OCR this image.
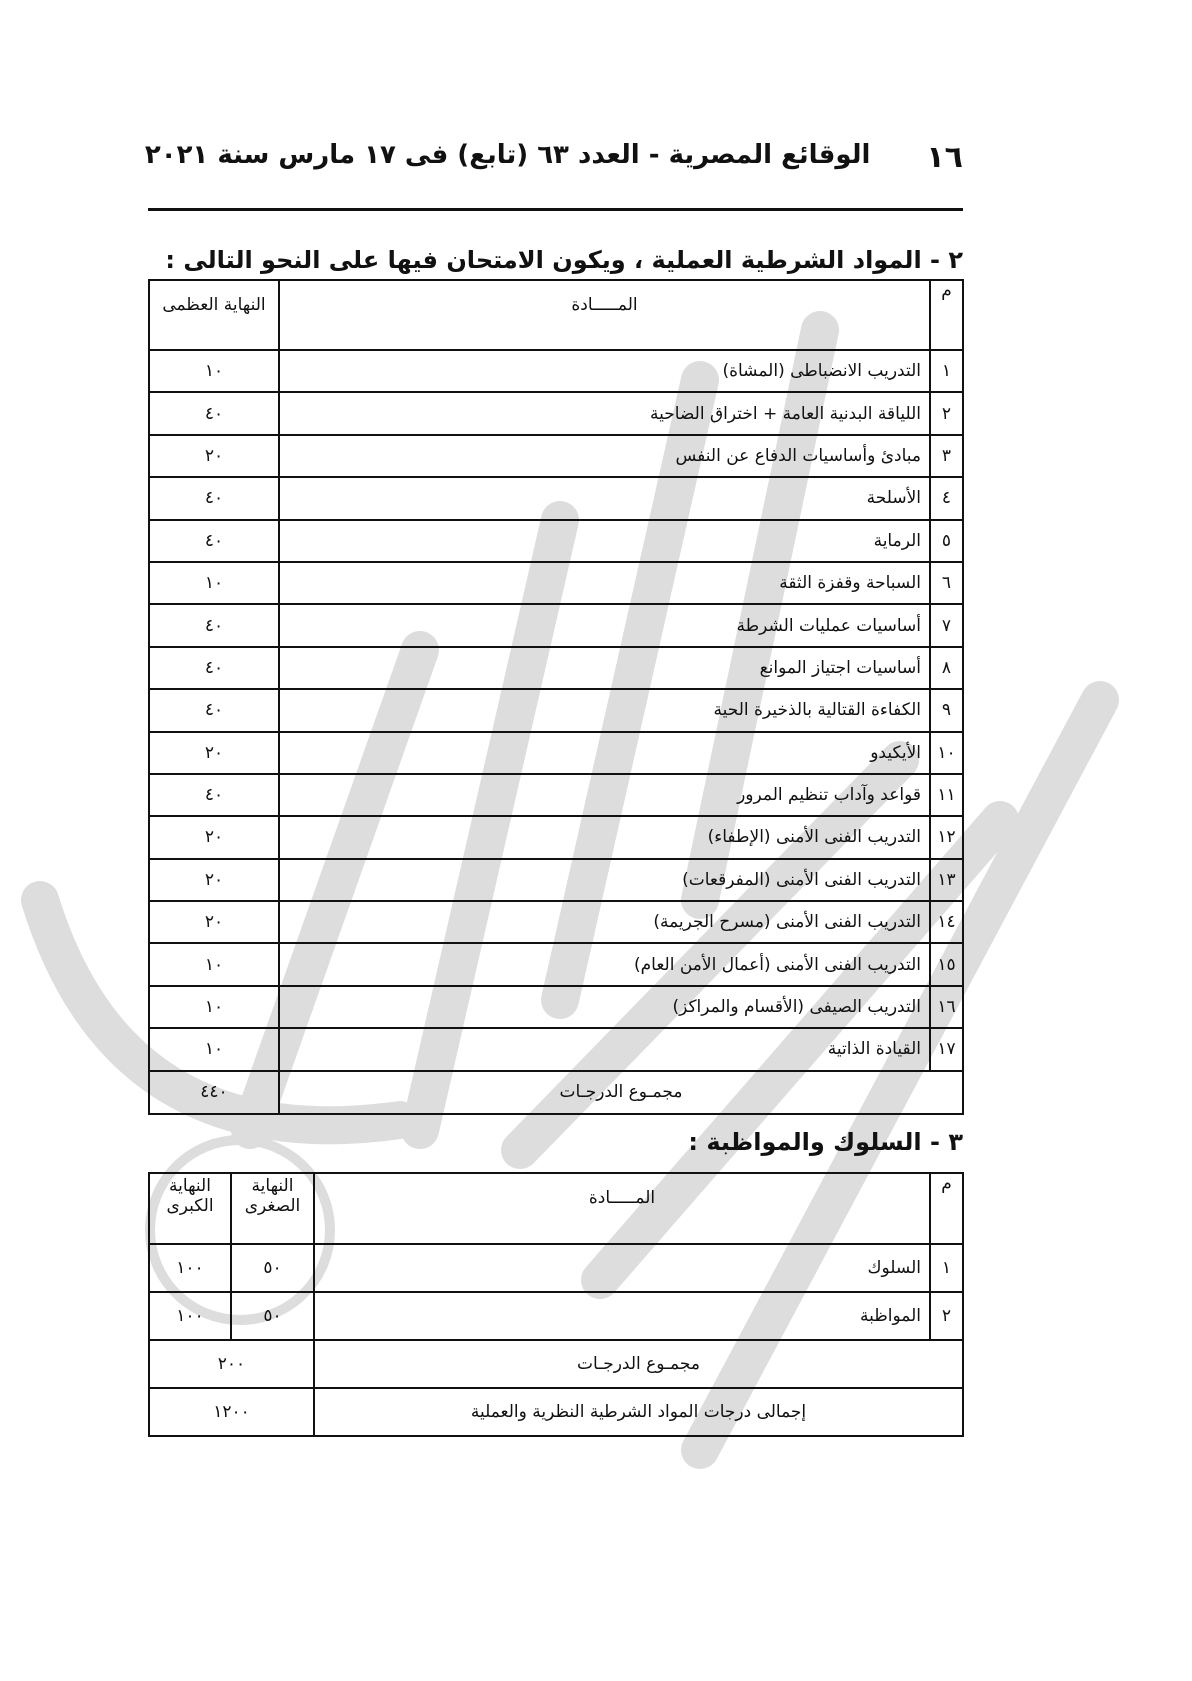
١٦
الوقائع المصرية - العدد ٦٣ (تابع) فى ١٧ مارس سنة ٢٠٢١
٢ - المواد الشرطية العملية ، ويكون الامتحان فيها على النحو التالى :
م	المـــــادة	النهاية العظمى
١	التدريب الانضباطى (المشاة)	١٠
٢	اللياقة البدنية العامة + اختراق الضاحية	٤٠
٣	مبادئ وأساسيات الدفاع عن النفس	٢٠
٤	الأسلحة	٤٠
٥	الرماية	٤٠
٦	السباحة وقفزة الثقة	١٠
٧	أساسيات عمليات الشرطة	٤٠
٨	أساسيات اجتياز الموانع	٤٠
٩	الكفاءة القتالية بالذخيرة الحية	٤٠
١٠	الأيكيدو	٢٠
١١	قواعد وآداب تنظيم المرور	٤٠
١٢	التدريب الفنى الأمنى (الإطفاء)	٢٠
١٣	التدريب الفنى الأمنى (المفرقعات)	٢٠
١٤	التدريب الفنى الأمنى (مسرح الجريمة)	٢٠
١٥	التدريب الفنى الأمنى (أعمال الأمن العام)	١٠
١٦	التدريب الصيفى (الأقسام والمراكز)	١٠
١٧	القيادة الذاتية	١٠
مجمـوع الدرجـات		٤٤٠
٣ - السلوك والمواظبة :
م	المـــــادة	النهاية الصغرى	النهاية الكبرى
١	السلوك	٥٠	١٠٠
٢	المواظبة	٥٠	١٠٠
مجمـوع الدرجـات		٢٠٠	
إجمالى درجات المواد الشرطية النظرية والعملية		١٢٠٠	
